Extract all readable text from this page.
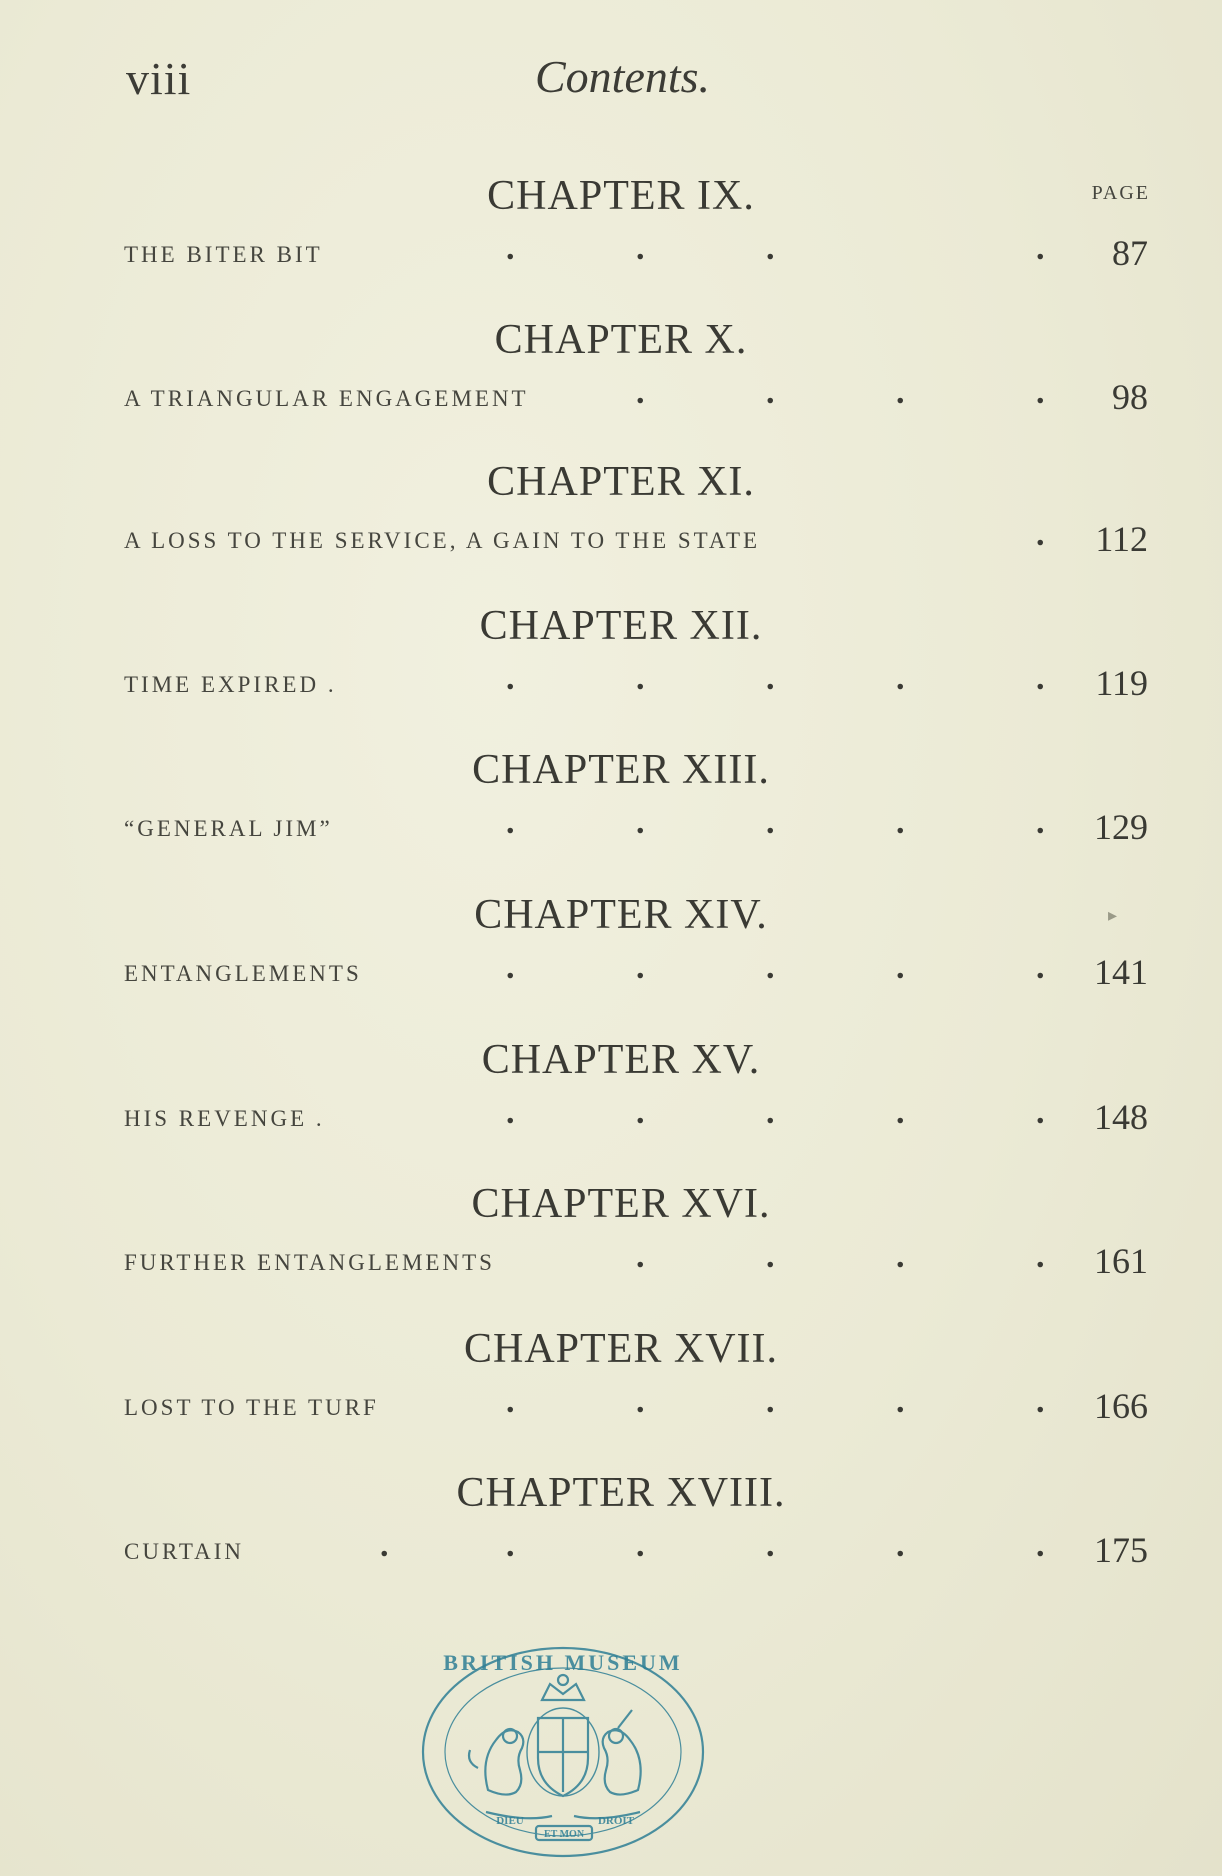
viii	Contents.
PAGE
CHAPTER IX.
THE BITER BIT	.	.	.	. 87
CHAPTER X.
A TRIANGULAR ENGAGEMENT	.	.	.	. 98
CHAPTER XI.
A LOSS TO THE SERVICE, A GAIN TO THE STATE	. 112
CHAPTER XII.
TIME EXPIRED .	.	.	.	.	. 119
CHAPTER XIII.
“GENERAL JIM”	.	.	.	.	. 129
CHAPTER XIV.
ENTANGLEMENTS	.	.	.	.	. 141
CHAPTER XV.
HIS REVENGE .	.	.	.	.	. 148
CHAPTER XVI.
FURTHER ENTANGLEMENTS	.	.	.	. 161
CHAPTER XVII.
LOST TO THE TURF	.	.	.	.	. 166
CHAPTER XVIII.
CURTAIN	.	.	.	.	.	. 175
▸
BRITISH MUSEUM
DIEU	DROIT
ET MON
